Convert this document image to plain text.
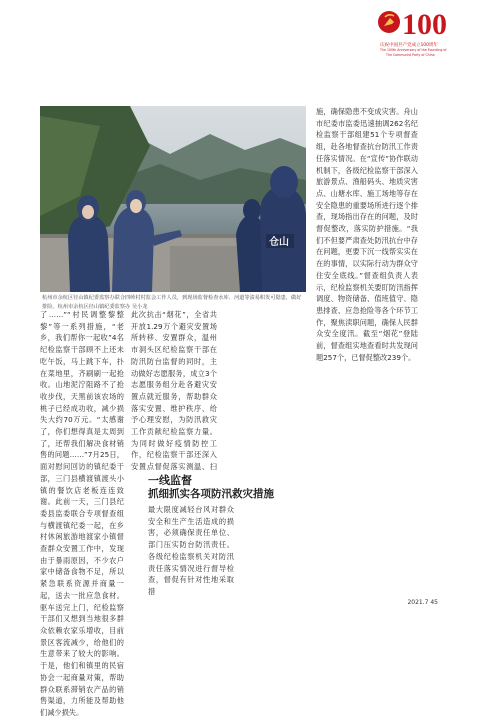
100
庆祝中国共产党成立100周年
The 100th Anniversary of the Founding of
The Communist Party of China
仓山
杭州市余杭区径山镇纪委监察办联合四岭村村监会工作人员，到现场监督检查水库、河道等渍易积发可隐患，做好排险。杭州市余杭区径山镇纪委监察办 吴小龙

了……”“村民调整黎整黎”等一系列措施，“老乡，我们帮你一起收”4名纪检监察干部顾不上还未吃午饭，马上跳下车，扑在菜地里，齐刷刷一起抢收。山地泥泞阻路不了抢收步伐，天黑前该农场的桃子已经成功收，减少损失大约70万元。“太感谢了，你们想得真是太周到了，还帮我们解决食材销售的问题……”7月25日，面对慰问回访的镇纪委干部，三门县横渡镇渡头小镇的餐饮店老板连连致谢。此前一天，三门县纪委县监委联合专项督查组与横渡镇纪委一起，在乡村休闲旅游地渡家小镇督查群众安置工作中，发现由于暴雨原因，不少农户家中储备食物不足，所以紧急联系资源并商量一起，送去一批应急食材。驱车送完上门，纪检监察干部们又想到当地很多群众依赖农家乐增收，目前景区客流减少，给他们的生意带来了较大的影响。于是，他们和镇里的民宿协会一起商量对策，帮助群众联系滞销农产品的销售渠道，力所能及帮助他们减少损失。

此次抗击“烟花”，全省共开放1.29万个避灾安置场所转移、安置群众，温州市洞头区纪检监察干部在防汛防台监督的同时，主动做好志愿服务，成立3个志愿服务组分赴各避灾安置点就近服务，帮助群众落实安置、维护秩序、给予心理安慰，为防汛救灾工作贡献纪检监察力量。为同时做好疫情防控工作，纪检监察干部还深入安置点督促落实测温、扫

一线监督
抓细抓实各项防汛救灾措施

最大限度减轻台风对群众安全和生产生活造成的损害，必须确保责任单位、部门压实防台防汛责任。各级纪检监察机关对防汛责任落实情况进行督导检查，督促有针对性地采取措

施，确保隐患不变成灾害。舟山市纪委市监委迅速抽调262名纪检监察干部组建51个专项督查组，赴各地督查抗台防汛工作责任落实情况。在“宣传”协作联动机制下，各级纪检监察干部深入旅游景点、渔船码头、地质灾害点、山塘水库、施工场地等存在安全隐患的重要场所进行逐个排查，现场指出存在的问题，及时督促整改，落实防护措施。“我们不但要严肃查处防汛抗台中存在问题，更要下沉一线帮实实在在的事情，以实际行动为群众守住安全底线。”督查组负责人表示，纪检监察机关要盯防汛指挥调度、物资储备、值班值守、隐患排查、应急抢险等各个环节工作，聚焦渎职问题，确保人民群众安全度汛。截至“烟花”登陆前，督查组实地查看时共发现问题257个，已督促整改239个。

2021.7 45
